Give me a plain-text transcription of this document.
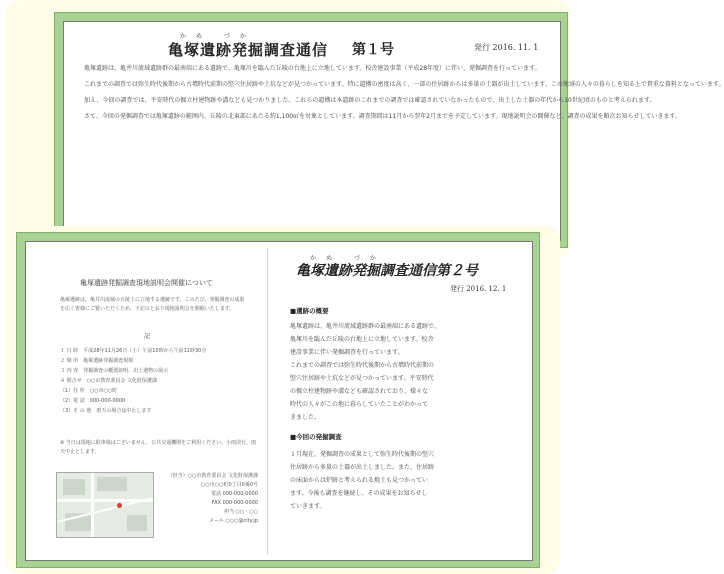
かめ づか
亀塚遺跡発掘調査通信 第１号	発行 2016. 11. 1

亀塚遺跡は、亀井川流域遺跡群の最南端にある遺跡で、亀塚川を臨んだ丘陵の台地上に立地しています。校舎建設事業（平成28年度）に伴い、発掘調査を行っています。

これまでの調査では弥生時代後期から古墳時代前期の竪穴住居跡や土坑などが見つかっています。特に遺構の密度は高く、一部の住居跡からは多量の土器が出土しています。この地域の人々の暮らしを知る上で貴重な資料となっています。

加え、今回の調査では、平安時代の掘立柱建物跡や溝なども見つかりました。これらの遺構は本遺跡のこれまでの調査では確認されていなかったもので、出土した土器の年代から10世紀頃のものと考えられます。

さて、今回の発掘調査では亀塚遺跡の範囲内、丘陵の北東部にあたる約1,100㎡を対象としています。調査期間は11月から翌年2月までを予定しています。現地説明会の開催など、調査の成果を順次お知らせしていきます。

亀塚遺跡発掘調査現地説明会開催について
亀塚遺跡は、亀井川流域の丘陵上に立地する遺跡です。このたび、発掘調査の成果を広く皆様にご覧いただくため、下記のとおり現地説明会を開催いたします。
記
１ 日 時　平成28年11月26日（土）午前10時から午前11時30分
２ 場 所　亀塚遺跡発掘調査現場
３ 内 容　発掘調査の概要説明、出土遺物の展示
４ 問合せ　○○市教育委員会 文化財保護課
（1）住 所　○○市○○町
（2）電 話　000-000-0000
（3）そ の 他　雨天の場合は中止します
※ 当日は現地に駐車場はございません。公共交通機関をご利用ください。小雨決行、雨天中止とします。
（担当）○○市教育委員会 文化財保護課
○○市○○町0丁目0番0号
電話 000-000-0000
FAX 000-000-0000
担当 ○○・○○
メール ○○○@city.jp
かめ づか
亀塚遺跡発掘調査通信第２号
発行 2016. 12. 1
■遺跡の概要
亀塚遺跡は、亀井川流域遺跡群の最南端にある遺跡で、
亀塚川を臨んだ丘陵の台地上に立地しています。校舎
建設事業に伴い発掘調査を行っています。
これまでの調査では弥生時代後期から古墳時代前期の
竪穴住居跡や土坑などが見つかっています。平安時代
の掘立柱建物跡や溝なども確認されており、様々な
時代の人々がこの地に暮らしていたことがわかって
きました。
■今回の発掘調査
１月現在、発掘調査の成果として弥生時代後期の竪穴
住居跡から多量の土器が出土しました。また、住居跡
の床面からは炉跡と考えられる焼土も見つかってい
ます。今後も調査を継続し、その成果をお知らせし
ていきます。
